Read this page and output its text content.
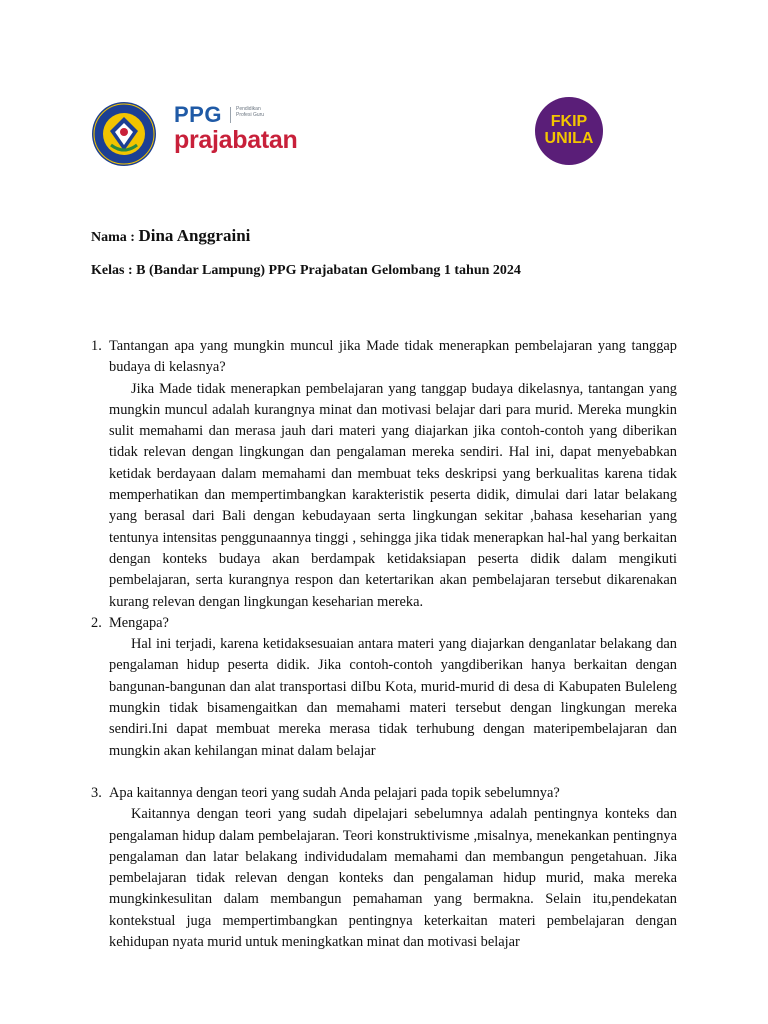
PPG	Pendidikan Profesi Guru
prajabatan
FKIP
UNILA
Nama : Dina Anggraini
Kelas : B (Bandar Lampung) PPG Prajabatan Gelombang 1 tahun 2024
1. Tantangan apa yang mungkin muncul jika Made tidak menerapkan pembelajaran yang tanggap budaya di kelasnya?

Jika Made tidak menerapkan pembelajaran yang tanggap budaya dikelasnya, tantangan yang mungkin muncul adalah kurangnya minat dan motivasi belajar dari para murid. Mereka mungkin sulit memahami dan merasa jauh dari materi yang diajarkan jika contoh-contoh yang diberikan tidak relevan dengan lingkungan dan pengalaman mereka sendiri. Hal ini, dapat menyebabkan ketidak berdayaan dalam memahami dan membuat teks deskripsi yang berkualitas karena tidak memperhatikan dan mempertimbangkan karakteristik peserta didik, dimulai dari latar belakang yang berasal dari Bali dengan kebudayaan serta lingkungan sekitar ,bahasa keseharian yang tentunya intensitas penggunaannya tinggi , sehingga jika tidak menerapkan hal-hal yang berkaitan dengan konteks budaya akan berdampak ketidaksiapan peserta didik dalam mengikuti pembelajaran, serta kurangnya respon dan ketertarikan akan pembelajaran tersebut dikarenakan kurang relevan dengan lingkungan keseharian mereka.

2. Mengapa?

Hal ini terjadi, karena ketidaksesuaian antara materi yang diajarkan denganlatar belakang dan pengalaman hidup peserta didik. Jika contoh-contoh yangdiberikan hanya berkaitan dengan bangunan-bangunan dan alat transportasi diIbu Kota, murid-murid di desa di Kabupaten Buleleng mungkin tidak bisamengaitkan dan memahami materi tersebut dengan lingkungan mereka sendiri.Ini dapat membuat mereka merasa tidak terhubung dengan materipembelajaran dan mungkin akan kehilangan minat dalam belajar

3. Apa kaitannya dengan teori yang sudah Anda pelajari pada topik sebelumnya?

Kaitannya dengan teori yang sudah dipelajari sebelumnya adalah pentingnya konteks dan pengalaman hidup dalam pembelajaran. Teori konstruktivisme ,misalnya, menekankan pentingnya pengalaman dan latar belakang individudalam memahami dan membangun pengetahuan. Jika pembelajaran tidak relevan dengan konteks dan pengalaman hidup murid, maka mereka mungkinkesulitan dalam membangun pemahaman yang bermakna. Selain itu,pendekatan kontekstual juga mempertimbangkan pentingnya keterkaitan materi pembelajaran dengan kehidupan nyata murid untuk meningkatkan minat dan motivasi belajar
